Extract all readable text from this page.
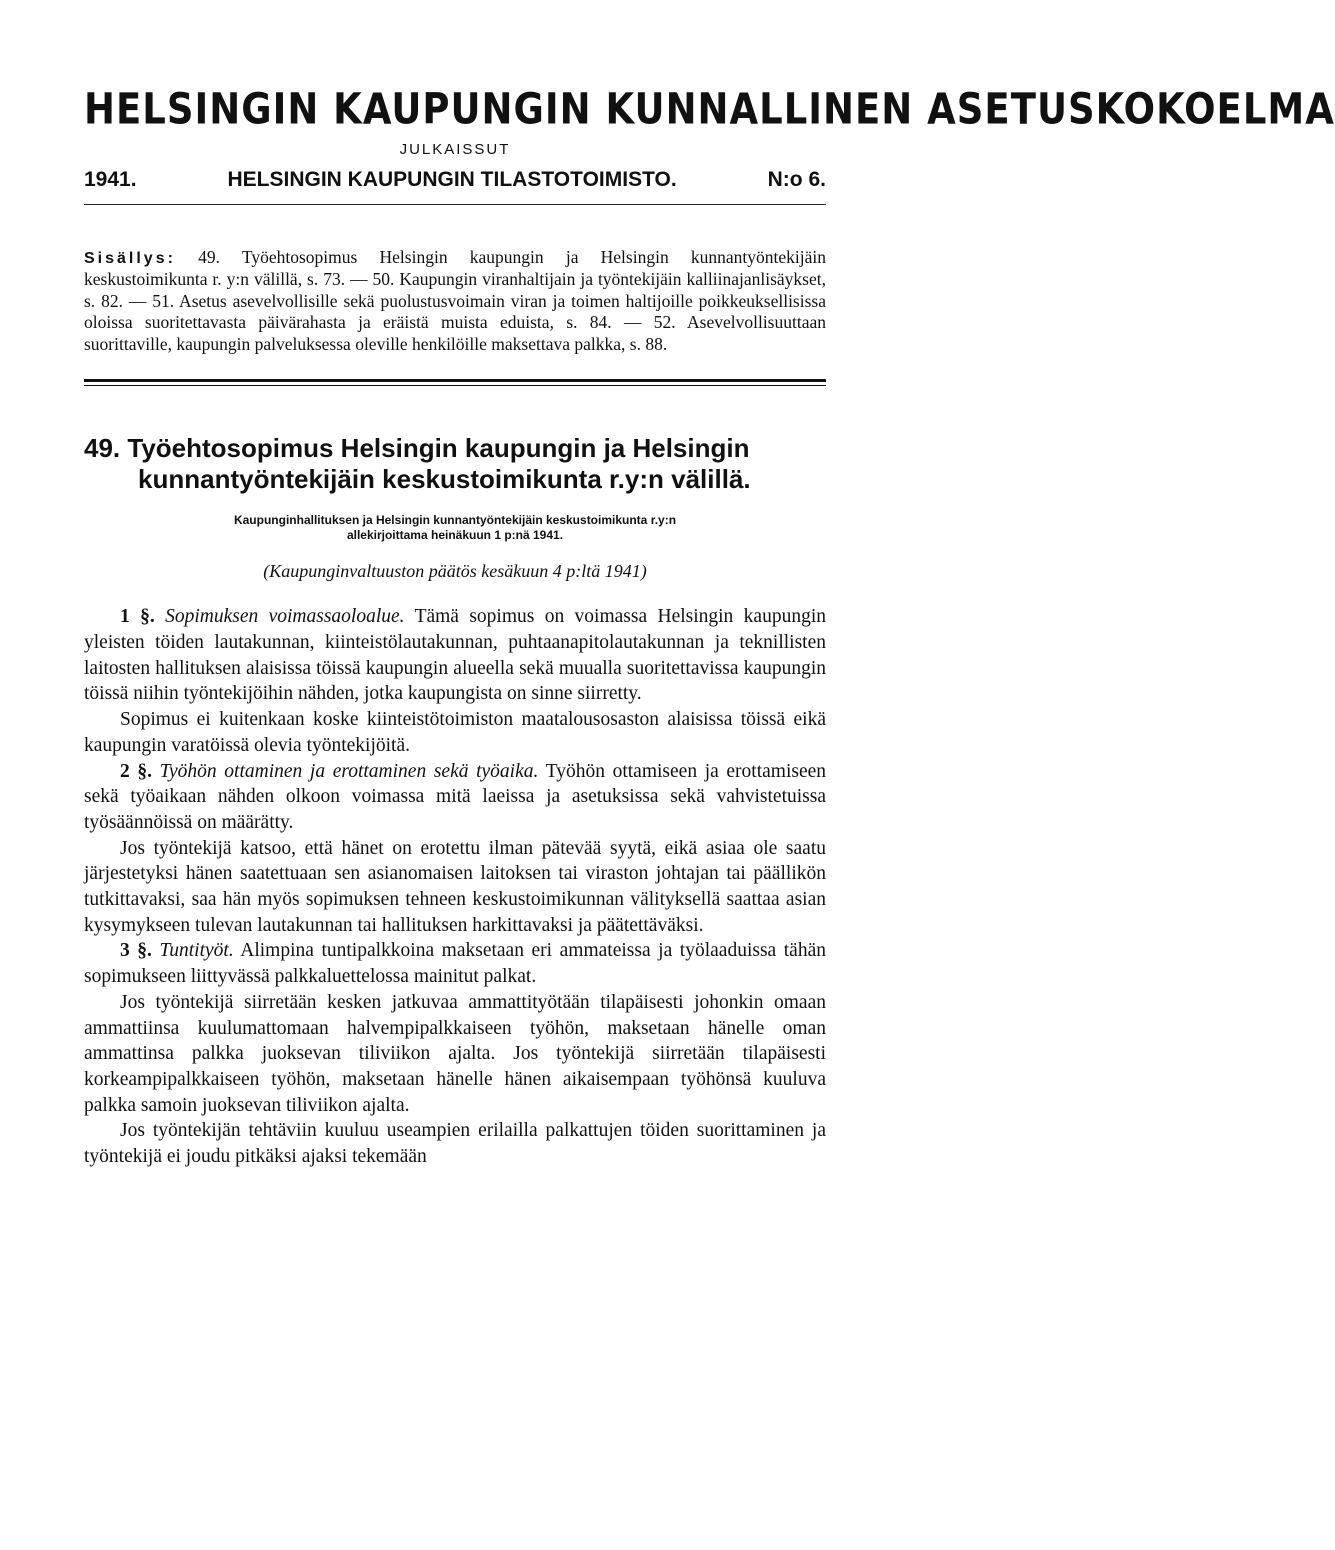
HELSINGIN KAUPUNGIN KUNNALLINEN ASETUSKOKOELMA
JULKAISSUT
1941.	HELSINGIN KAUPUNGIN TILASTOTOIMISTO.	N:o 6.
Sisällys: 49. Työehtosopimus Helsingin kaupungin ja Helsingin kunnantyöntekijäin keskustoimikunta r. y:n välillä, s. 73. — 50. Kaupungin viranhaltijain ja työntekijäin kalliinajanlisäykset, s. 82. — 51. Asetus asevelvollisille sekä puolustusvoimain viran ja toimen haltijoille poikkeuksellisissa oloissa suoritettavasta päivärahasta ja eräistä muista eduista, s. 84. — 52. Asevelvollisuuttaan suorittaville, kaupungin palveluksessa oleville henkilöille maksettava palkka, s. 88.
49. Työehtosopimus Helsingin kaupungin ja Helsingin kunnantyöntekijäin keskustoimikunta r.y:n välillä.
Kaupunginhallituksen ja Helsingin kunnantyöntekijäin keskustoimikunta r.y:n
allekirjoittama heinäkuun 1 p:nä 1941.
(Kaupunginvaltuuston päätös kesäkuun 4 p:ltä 1941)

1 §. Sopimuksen voimassaoloalue. Tämä sopimus on voimassa Helsingin kaupungin yleisten töiden lautakunnan, kiinteistölautakunnan, puhtaanapitolautakunnan ja teknillisten laitosten hallituksen alaisissa töissä kaupungin alueella sekä muualla suoritettavissa kaupungin töissä niihin työntekijöihin nähden, jotka kaupungista on sinne siirretty.

Sopimus ei kuitenkaan koske kiinteistötoimiston maatalousosaston alaisissa töissä eikä kaupungin varatöissä olevia työntekijöitä.

2 §. Työhön ottaminen ja erottaminen sekä työaika. Työhön ottamiseen ja erottamiseen sekä työaikaan nähden olkoon voimassa mitä laeissa ja asetuksissa sekä vahvistetuissa työsäännöissä on määrätty.

Jos työntekijä katsoo, että hänet on erotettu ilman pätevää syytä, eikä asiaa ole saatu järjestetyksi hänen saatettuaan sen asianomaisen laitoksen tai viraston johtajan tai päällikön tutkittavaksi, saa hän myös sopimuksen tehneen keskustoimikunnan välityksellä saattaa asian kysymykseen tulevan lautakunnan tai hallituksen harkittavaksi ja päätettäväksi.

3 §. Tuntityöt. Alimpina tuntipalkkoina maksetaan eri ammateissa ja työlaaduissa tähän sopimukseen liittyvässä palkkaluettelossa mainitut palkat.

Jos työntekijä siirretään kesken jatkuvaa ammattityötään tilapäisesti johonkin omaan ammattiinsa kuulumattomaan halvempipalkkaiseen työhön, maksetaan hänelle oman ammattinsa palkka juoksevan tiliviikon ajalta. Jos työntekijä siirretään tilapäisesti korkeampipalkkaiseen työhön, maksetaan hänelle hänen aikaisempaan työhönsä kuuluva palkka samoin juoksevan tiliviikon ajalta.

Jos työntekijän tehtäviin kuuluu useampien erilailla palkattujen töiden suorittaminen ja työntekijä ei joudu pitkäksi ajaksi tekemään
